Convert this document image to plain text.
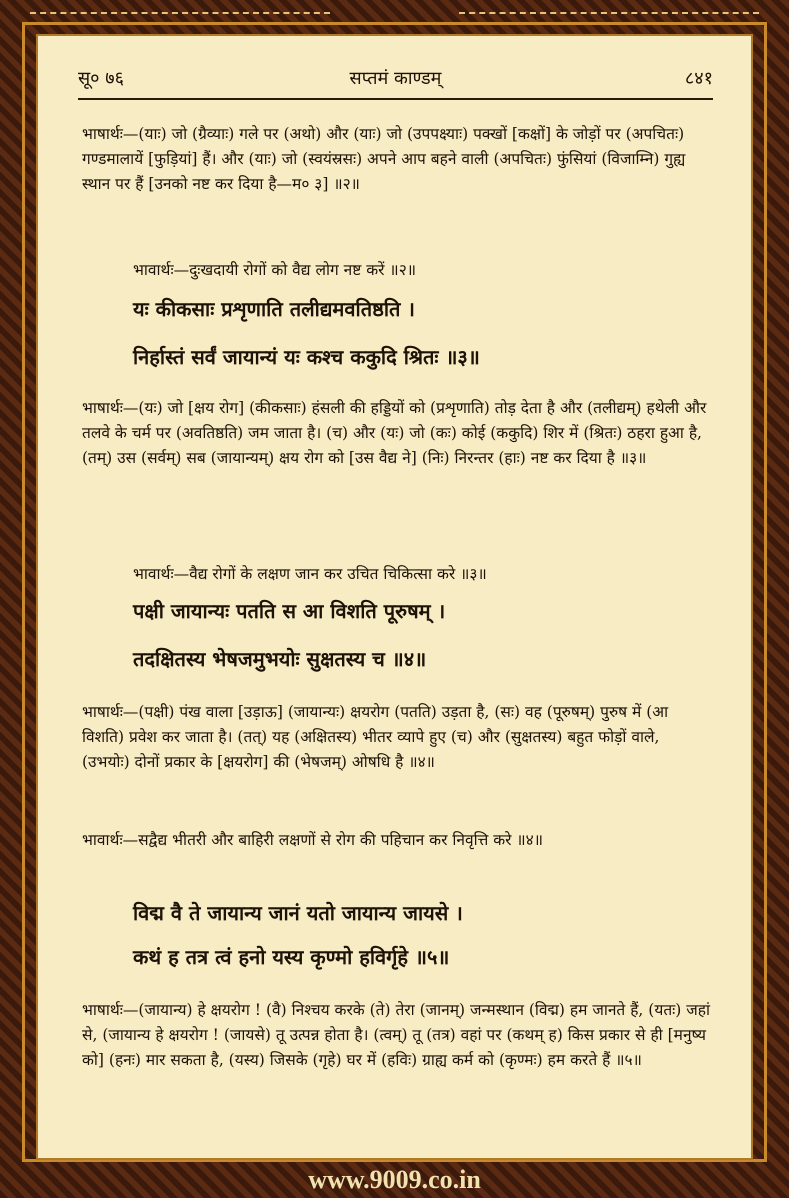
सू० ७६	सप्तमं काण्डम्	८४१
भाषार्थः—(याः) जो (ग्रैव्याः) गले पर (अथो) और (याः) जो (उपपक्ष्याः) पक्खों [कक्षों] के जोड़ों पर (अपचितः) गण्डमालायें [फुड़ियां] हैं। और (याः) जो (स्वयंस्रसः) अपने आप बहने वाली (अपचितः) फुंसियां (विजाम्नि) गुह्य स्थान पर हैं [उनको नष्ट कर दिया है—म० ३] ॥२॥
भावार्थः—दुःखदायी रोगों को वैद्य लोग नष्ट करें ॥२॥
यः कीकसाः प्रशृणाति तलीद्यमवतिष्ठति ।
निर्हास्तं सर्वं जायान्यं यः कश्च ककुदि श्रितः ॥३॥
भाषार्थः—(यः) जो [क्षय रोग] (कीकसाः) हंसली की हड्डियों को (प्रशृणाति) तोड़ देता है और (तलीद्यम्) हथेली और तलवे के चर्म पर (अवतिष्ठति) जम जाता है। (च) और (यः) जो (कः) कोई (ककुदि) शिर में (श्रितः) ठहरा हुआ है, (तम्) उस (सर्वम्) सब (जायान्यम्) क्षय रोग को [उस वैद्य ने] (निः) निरन्तर (हाः) नष्ट कर दिया है ॥३॥
भावार्थः—वैद्य रोगों के लक्षण जान कर उचित चिकित्सा करे ॥३॥
पक्षी जायान्यः पतति स आ विशति पूरुषम् ।
तदक्षितस्य भेषजमुभयोः सुक्षतस्य च ॥४॥
भाषार्थः—(पक्षी) पंख वाला [उड़ाऊ] (जायान्यः) क्षयरोग (पतति) उड़ता है, (सः) वह (पूरुषम्) पुरुष में (आ विशति) प्रवेश कर जाता है। (तत्) यह (अक्षितस्य) भीतर व्यापे हुए (च) और (सुक्षतस्य) बहुत फोड़ों वाले, (उभयोः) दोनों प्रकार के [क्षयरोग] की (भेषजम्) ओषधि है ॥४॥
भावार्थः—सद्वैद्य भीतरी और बाहिरी लक्षणों से रोग की पहिचान कर निवृत्ति करे ॥४॥
विद्म वै ते जायान्य जानं यतो जायान्य जायसे ।
कथं ह तत्र त्वं हनो यस्य कृण्मो हविर्गृहे ॥५॥
भाषार्थः—(जायान्य) हे क्षयरोग ! (वै) निश्चय करके (ते) तेरा (जानम्) जन्मस्थान (विद्म) हम जानते हैं, (यतः) जहां से, (जायान्य हे क्षयरोग ! (जायसे) तू उत्पन्न होता है। (त्वम्) तू (तत्र) वहां पर (कथम् ह) किस प्रकार से ही [मनुष्य को] (हनः) मार सकता है, (यस्य) जिसके (गृहे) घर में (हविः) ग्राह्य कर्म को (कृण्मः) हम करते हैं ॥५॥
www.9009.co.in
